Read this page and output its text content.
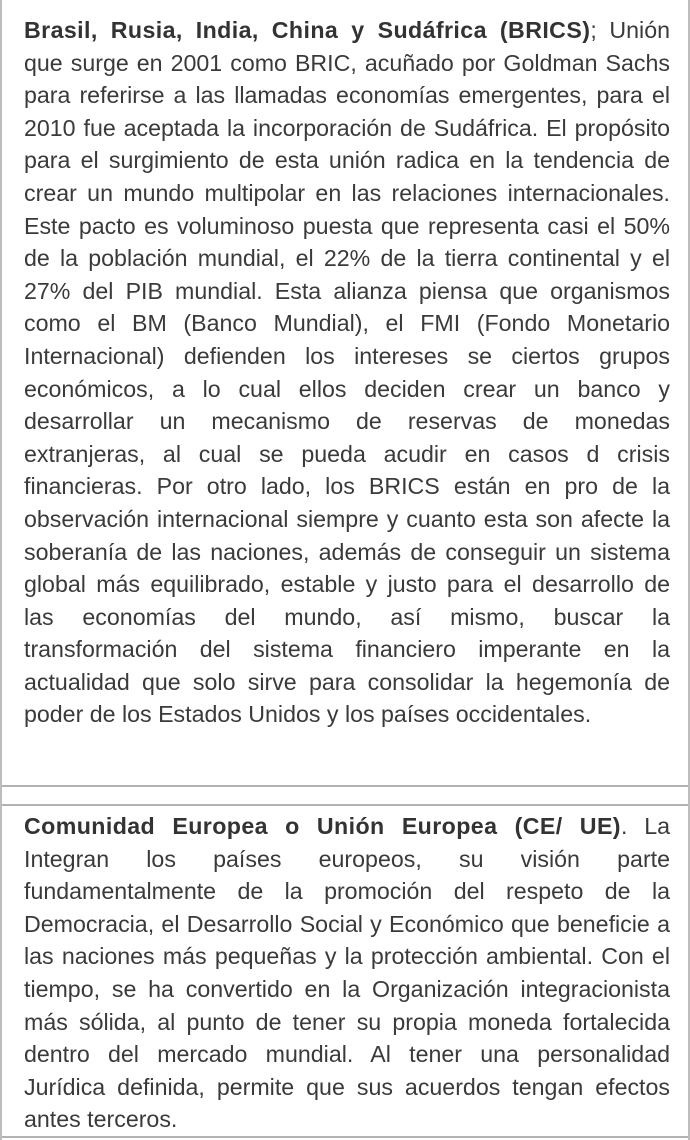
Brasil, Rusia, India, China y Sudáfrica (BRICS); Unión que surge en 2001 como BRIC, acuñado por Goldman Sachs para referirse a las llamadas economías emergentes, para el 2010 fue aceptada la incorporación de Sudáfrica. El propósito para el surgimiento de esta unión radica en la tendencia de crear un mundo multipolar en las relaciones internacionales. Este pacto es voluminoso puesta que representa casi el 50% de la población mundial, el 22% de la tierra continental y el 27% del PIB mundial. Esta alianza piensa que organismos como el BM (Banco Mundial), el FMI (Fondo Monetario Internacional) defienden los intereses se ciertos grupos económicos, a lo cual ellos deciden crear un banco y desarrollar un mecanismo de reservas de monedas extranjeras, al cual se pueda acudir en casos d crisis financieras. Por otro lado, los BRICS están en pro de la observación internacional siempre y cuanto esta son afecte la soberanía de las naciones, además de conseguir un sistema global más equilibrado, estable y justo para el desarrollo de las economías del mundo, así mismo, buscar la transformación del sistema financiero imperante en la actualidad que solo sirve para consolidar la hegemonía de poder de los Estados Unidos y los países occidentales.

Comunidad Europea o Unión Europea (CE/ UE). La Integran los países europeos, su visión parte fundamentalmente de la promoción del respeto de la Democracia, el Desarrollo Social y Económico que beneficie a las naciones más pequeñas y la protección ambiental. Con el tiempo, se ha convertido en la Organización integracionista más sólida, al punto de tener su propia moneda fortalecida dentro del mercado mundial. Al tener una personalidad Jurídica definida, permite que sus acuerdos tengan efectos antes terceros.
